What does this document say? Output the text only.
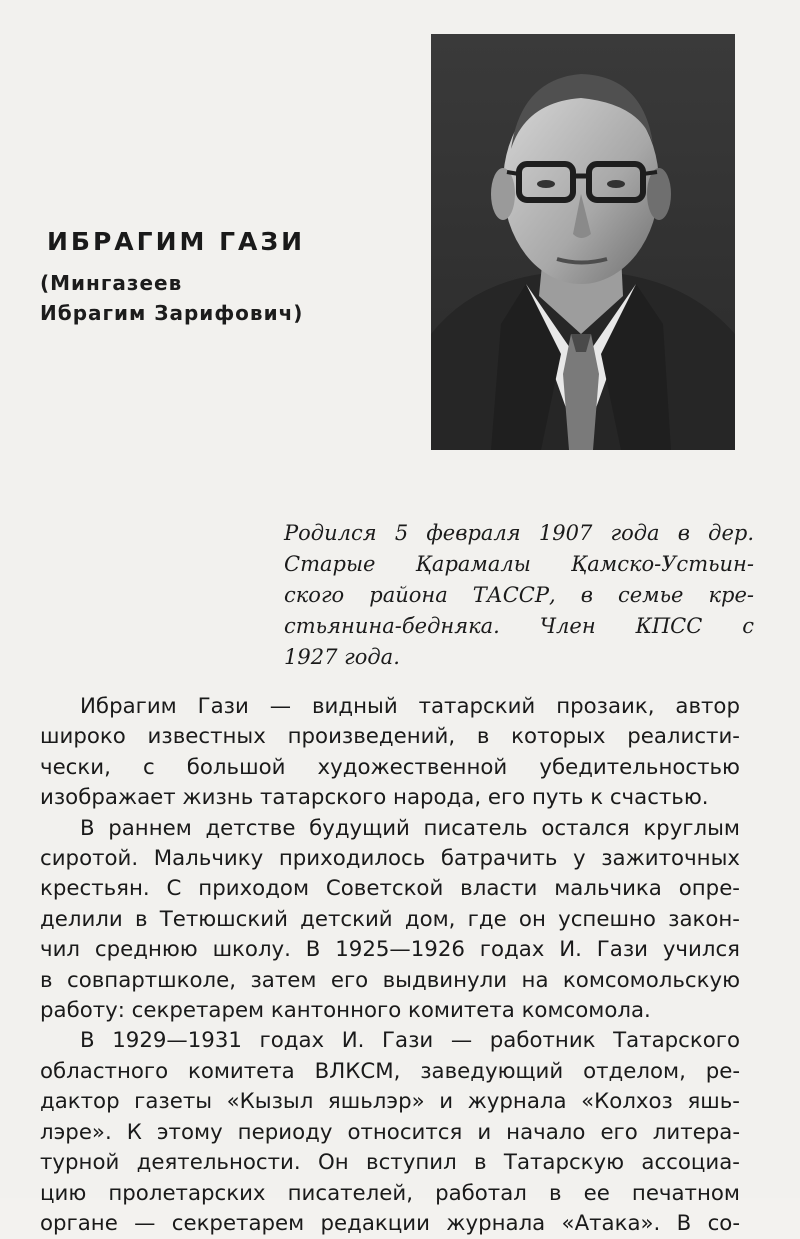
ИБРАГИМ ГАЗИ
(Мингазеев
Ибрагим Зарифович)
Родился 5 февраля 1907 года в дер.
Старые Қарамалы Қамско-Устьин-
ского района ТАССР, в семье кре-
стьянина-бедняка. Член КПСС с
1927 года.
Ибрагим Гази — видный татарский прозаик, автор
широко известных произведений, в которых реалисти-
чески, с большой художественной убедительностью
изображает жизнь татарского народа, его путь к счастью.
В раннем детстве будущий писатель остался круглым
сиротой. Мальчику приходилось батрачить у зажиточных
крестьян. С приходом Советской власти мальчика опре-
делили в Тетюшский детский дом, где он успешно закон-
чил среднюю школу. В 1925—1926 годах И. Гази учился
в совпартшколе, затем его выдвинули на комсомольскую
работу: секретарем кантонного комитета комсомола.
В 1929—1931 годах И. Гази — работник Татарского
областного комитета ВЛКСМ, заведующий отделом, ре-
дактор газеты «Кызыл яшьлэр» и журнала «Колхоз яшь-
лэре». К этому периоду относится и начало его литера-
турной деятельности. Он вступил в Татарскую ассоциа-
цию пролетарских писателей, работал в ее печатном
органе — секретарем редакции журнала «Атака». В со-
